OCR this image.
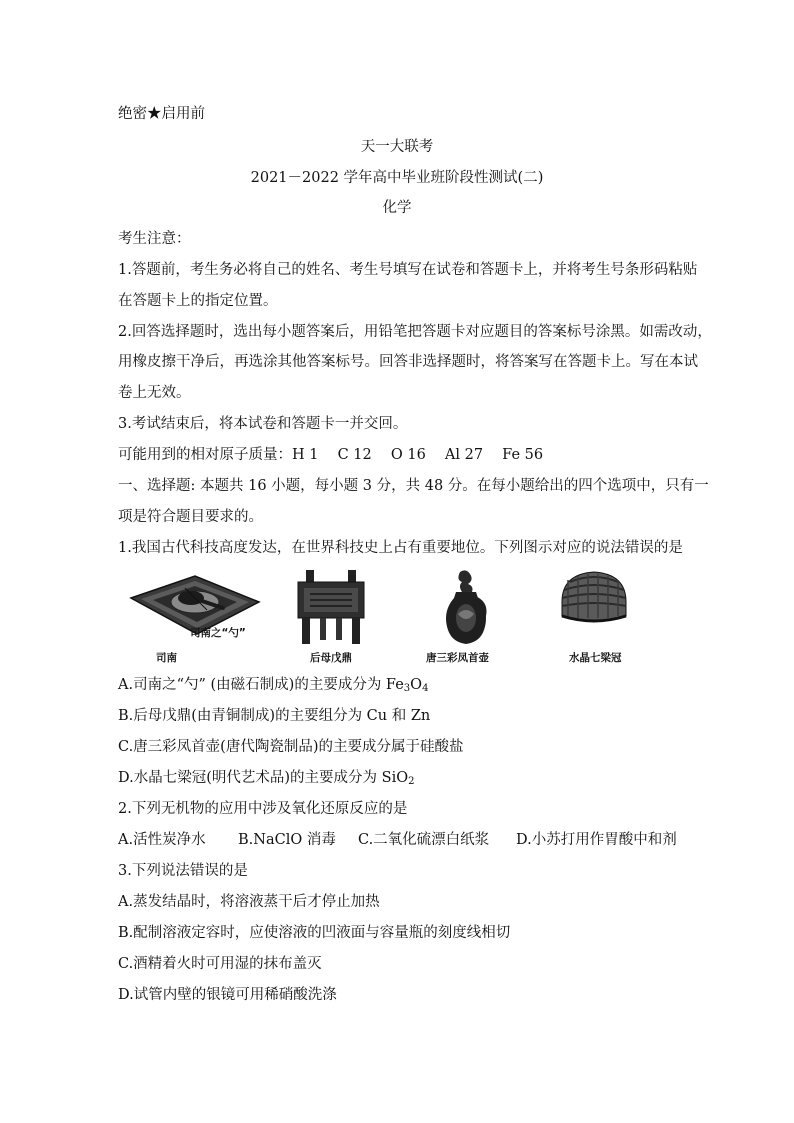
绝密★启用前
天一大联考
2021－2022 学年高中毕业班阶段性测试(二)
化学
考生注意：
1.答题前，考生务必将自己的姓名、考生号填写在试卷和答题卡上，并将考生号条形码粘贴
在答题卡上的指定位置。
2.回答选择题时，选出每小题答案后，用铅笔把答题卡对应题目的答案标号涂黑。如需改动，
用橡皮擦干净后，再选涂其他答案标号。回答非选择题时，将答案写在答题卡上。写在本试
卷上无效。
3.考试结束后，将本试卷和答题卡一并交回。
可能用到的相对原子质量：H 1　 C 12　 O 16　 Al 27　 Fe 56
一、选择题: 本题共 16 小题，每小题 3 分，共 48 分。在每小题给出的四个选项中，只有一
项是符合题目要求的。
1.我国古代科技高度发达，在世界科技史上占有重要地位。下列图示对应的说法错误的是
司南之“勺”
司南	后母戊鼎	唐三彩凤首壶	水晶七梁冠
A.司南之“勺” (由磁石制成)的主要成分为 $Fe_3O_4$
B.后母戊鼎(由青铜制成)的主要组分为 Cu 和 Zn
C.唐三彩凤首壶(唐代陶瓷制品)的主要成分属于硅酸盐
D.水晶七梁冠(明代艺术品)的主要成分为 SiO$_2$
2.下列无机物的应用中涉及氧化还原反应的是
A.活性炭净水	B.NaClO 消毒	C.二氧化硫漂白纸浆	D.小苏打用作胃酸中和剂
3.下列说法错误的是
A.蒸发结晶时，将溶液蒸干后才停止加热
B.配制溶液定容时，应使溶液的凹液面与容量瓶的刻度线相切
C.酒精着火时可用湿的抹布盖灭
D.试管内壁的银镜可用稀硝酸洗涤
